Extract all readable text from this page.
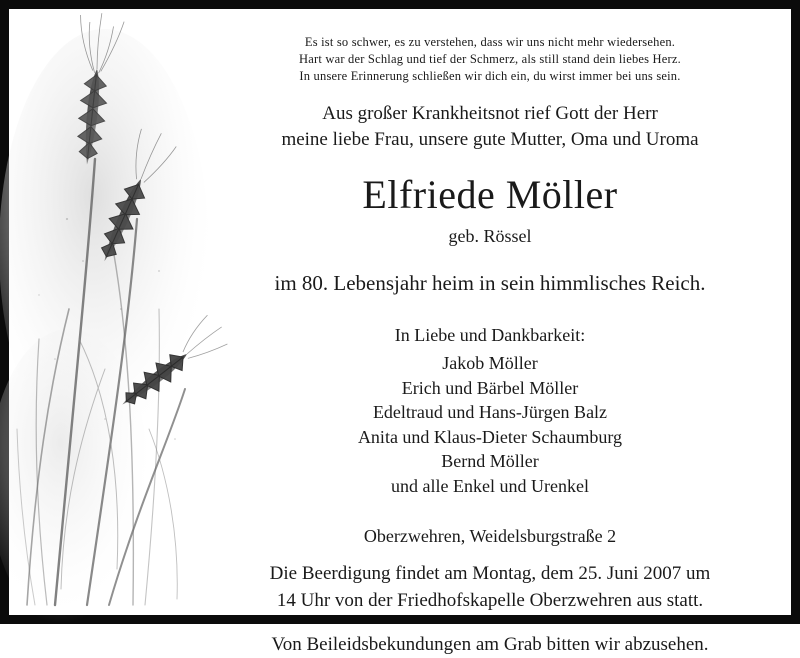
Es ist so schwer, es zu verstehen, dass wir uns nicht mehr wiedersehen.
Hart war der Schlag und tief der Schmerz, als still stand dein liebes Herz.
In unsere Erinnerung schließen wir dich ein, du wirst immer bei uns sein.
Aus großer Krankheitsnot rief Gott der Herr
meine liebe Frau, unsere gute Mutter, Oma und Uroma
Elfriede Möller
geb. Rössel
im 80. Lebensjahr heim in sein himmlisches Reich.
In Liebe und Dankbarkeit:
Jakob Möller
Erich und Bärbel Möller
Edeltraud und Hans-Jürgen Balz
Anita und Klaus-Dieter Schaumburg
Bernd Möller
und alle Enkel und Urenkel
Oberzwehren, Weidelsburgstraße 2
Die Beerdigung findet am Montag, dem 25. Juni 2007 um
14 Uhr von der Friedhofskapelle Oberzwehren aus statt.
Von Beileidsbekundungen am Grab bitten wir abzusehen.
